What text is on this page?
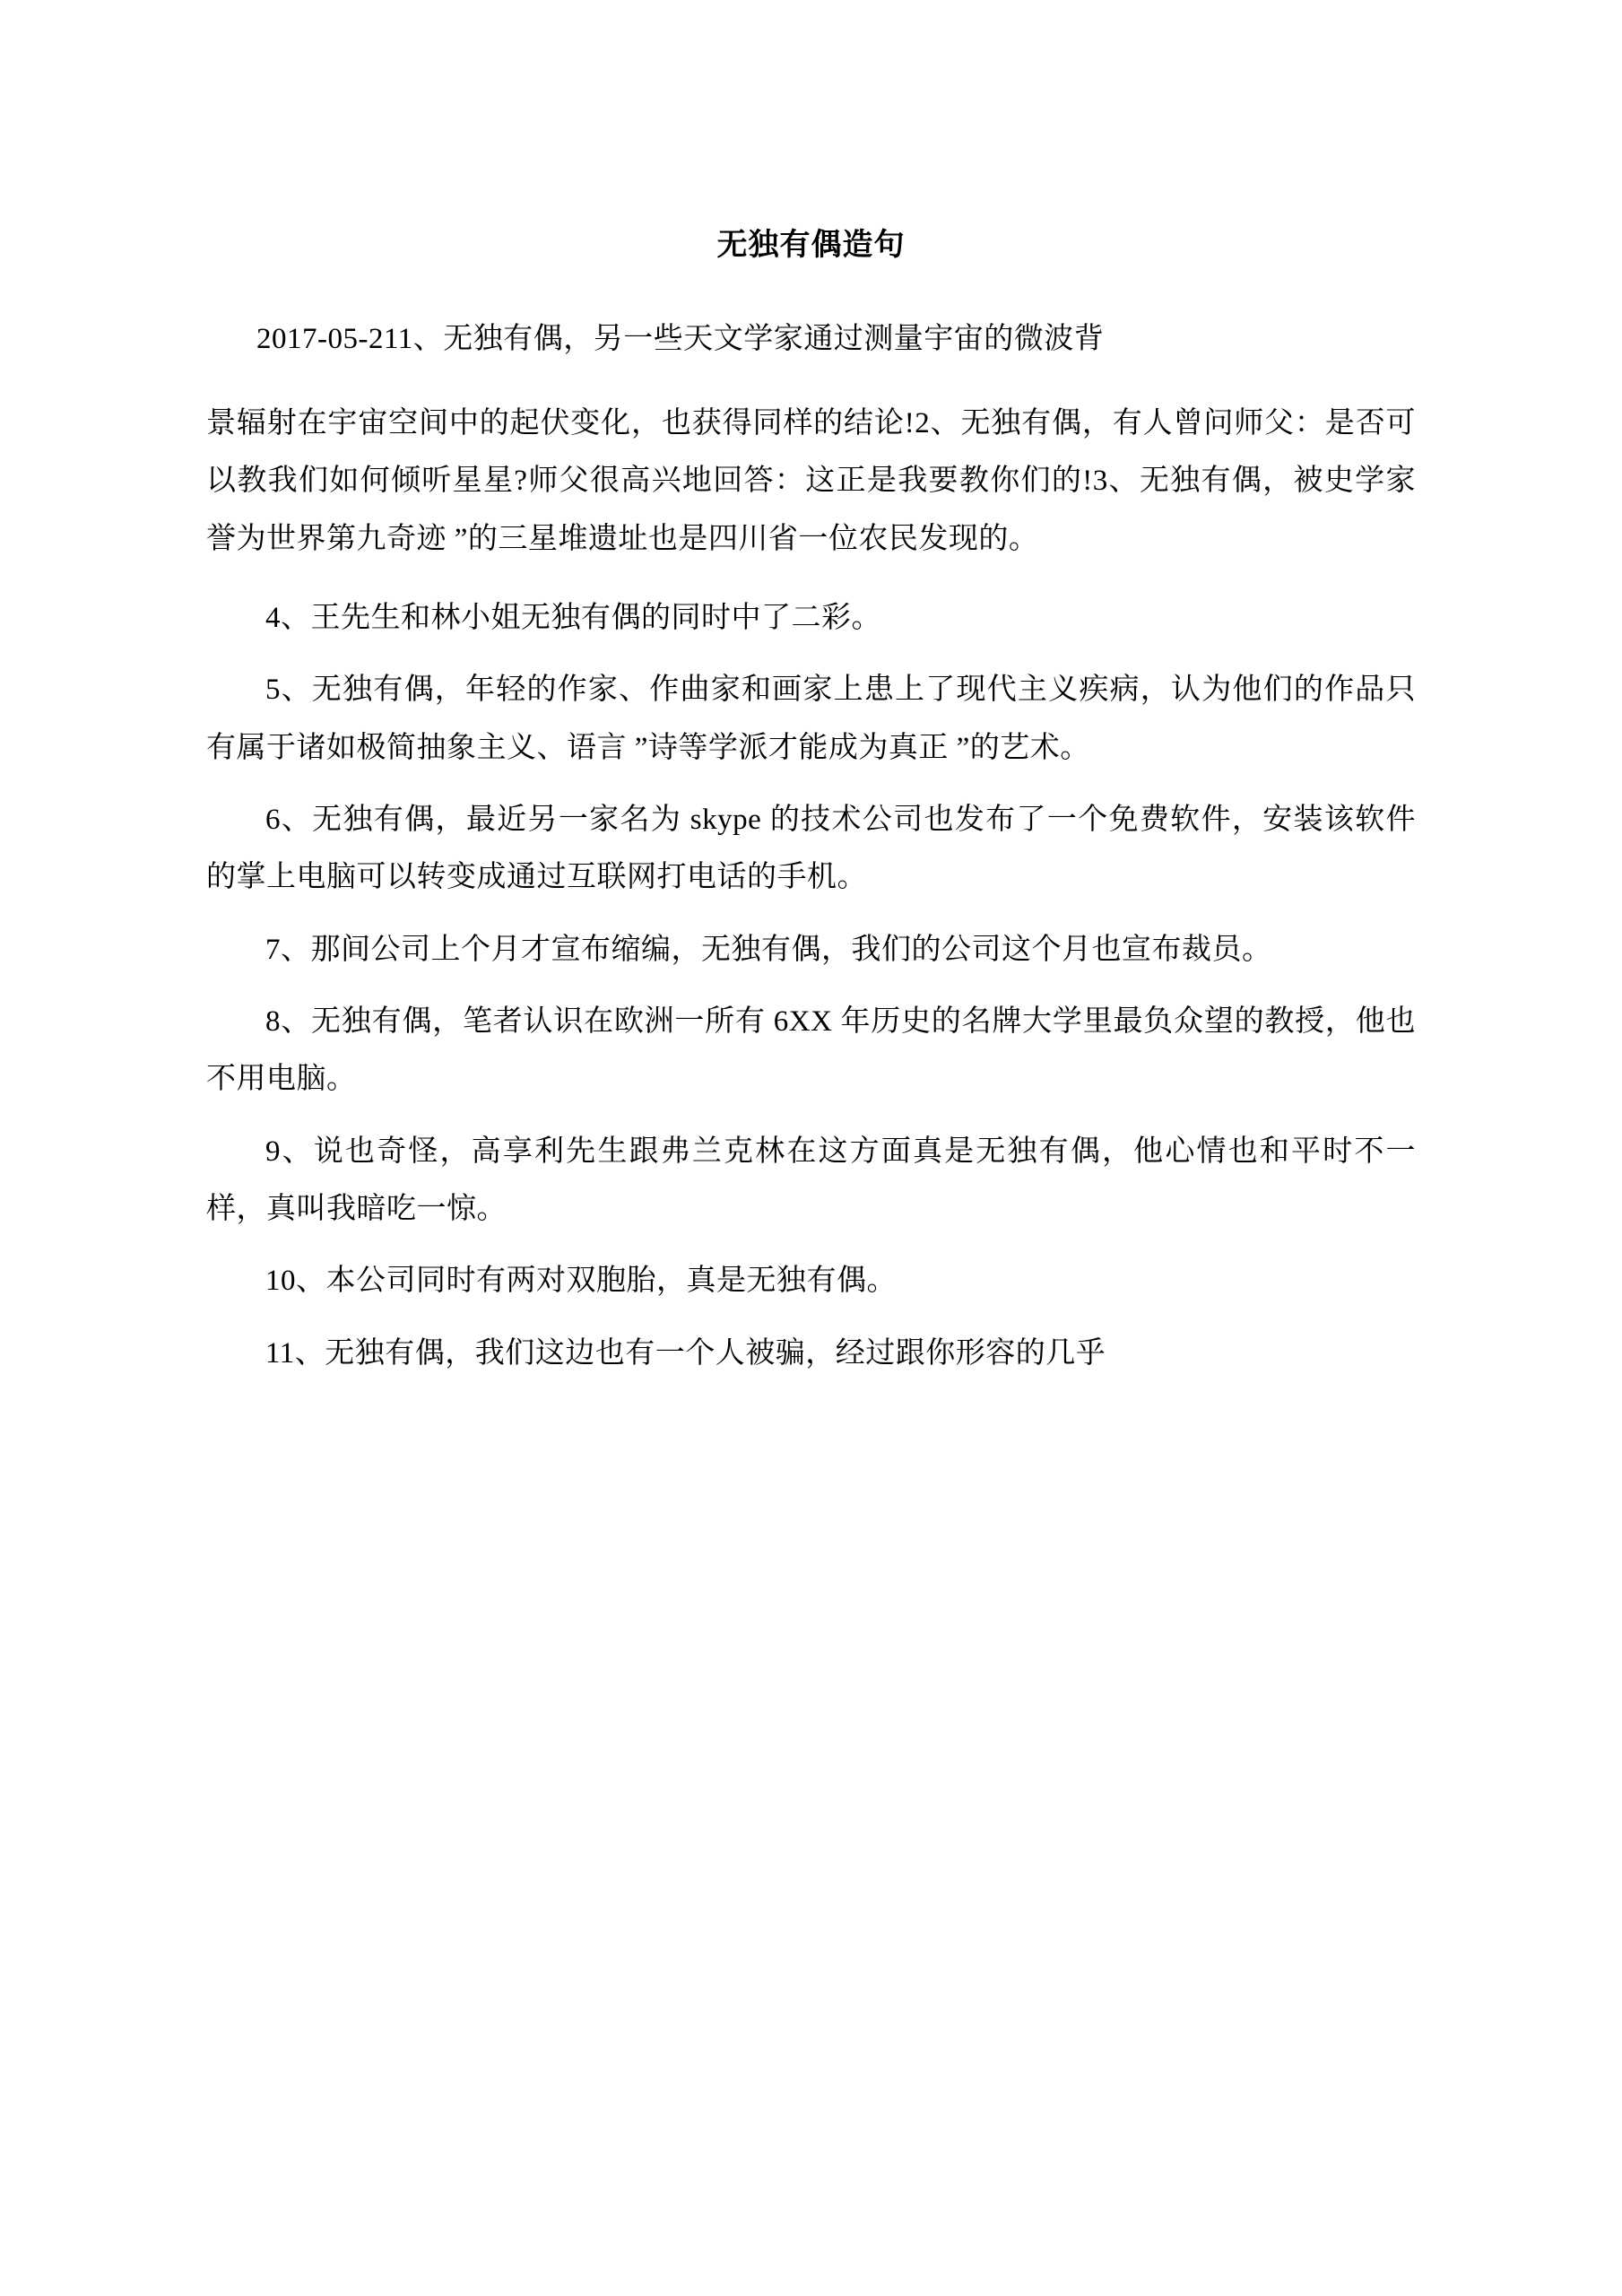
无独有偶造句

2017-05-211、无独有偶，另一些天文学家通过测量宇宙的微波背

景辐射在宇宙空间中的起伏变化，也获得同样的结论!2、无独有偶，有人曾问师父：是否可以教我们如何倾听星星?师父很高兴地回答：这正是我要教你们的!3、无独有偶，被史学家誉为世界第九奇迹 ”的三星堆遗址也是四川省一位农民发现的。

4、王先生和林小姐无独有偶的同时中了二彩。

5、无独有偶，年轻的作家、作曲家和画家上患上了现代主义疾病，认为他们的作品只有属于诸如极简抽象主义、语言 ”诗等学派才能成为真正 ”的艺术。

6、无独有偶，最近另一家名为 skype 的技术公司也发布了一个免费软件，安装该软件的掌上电脑可以转变成通过互联网打电话的手机。

7、那间公司上个月才宣布缩编，无独有偶，我们的公司这个月也宣布裁员。

8、无独有偶，笔者认识在欧洲一所有 6XX 年历史的名牌大学里最负众望的教授，他也不用电脑。

9、说也奇怪，高享利先生跟弗兰克林在这方面真是无独有偶，他心情也和平时不一样，真叫我暗吃一惊。

10、本公司同时有两对双胞胎，真是无独有偶。

11、无独有偶，我们这边也有一个人被骗，经过跟你形容的几乎
